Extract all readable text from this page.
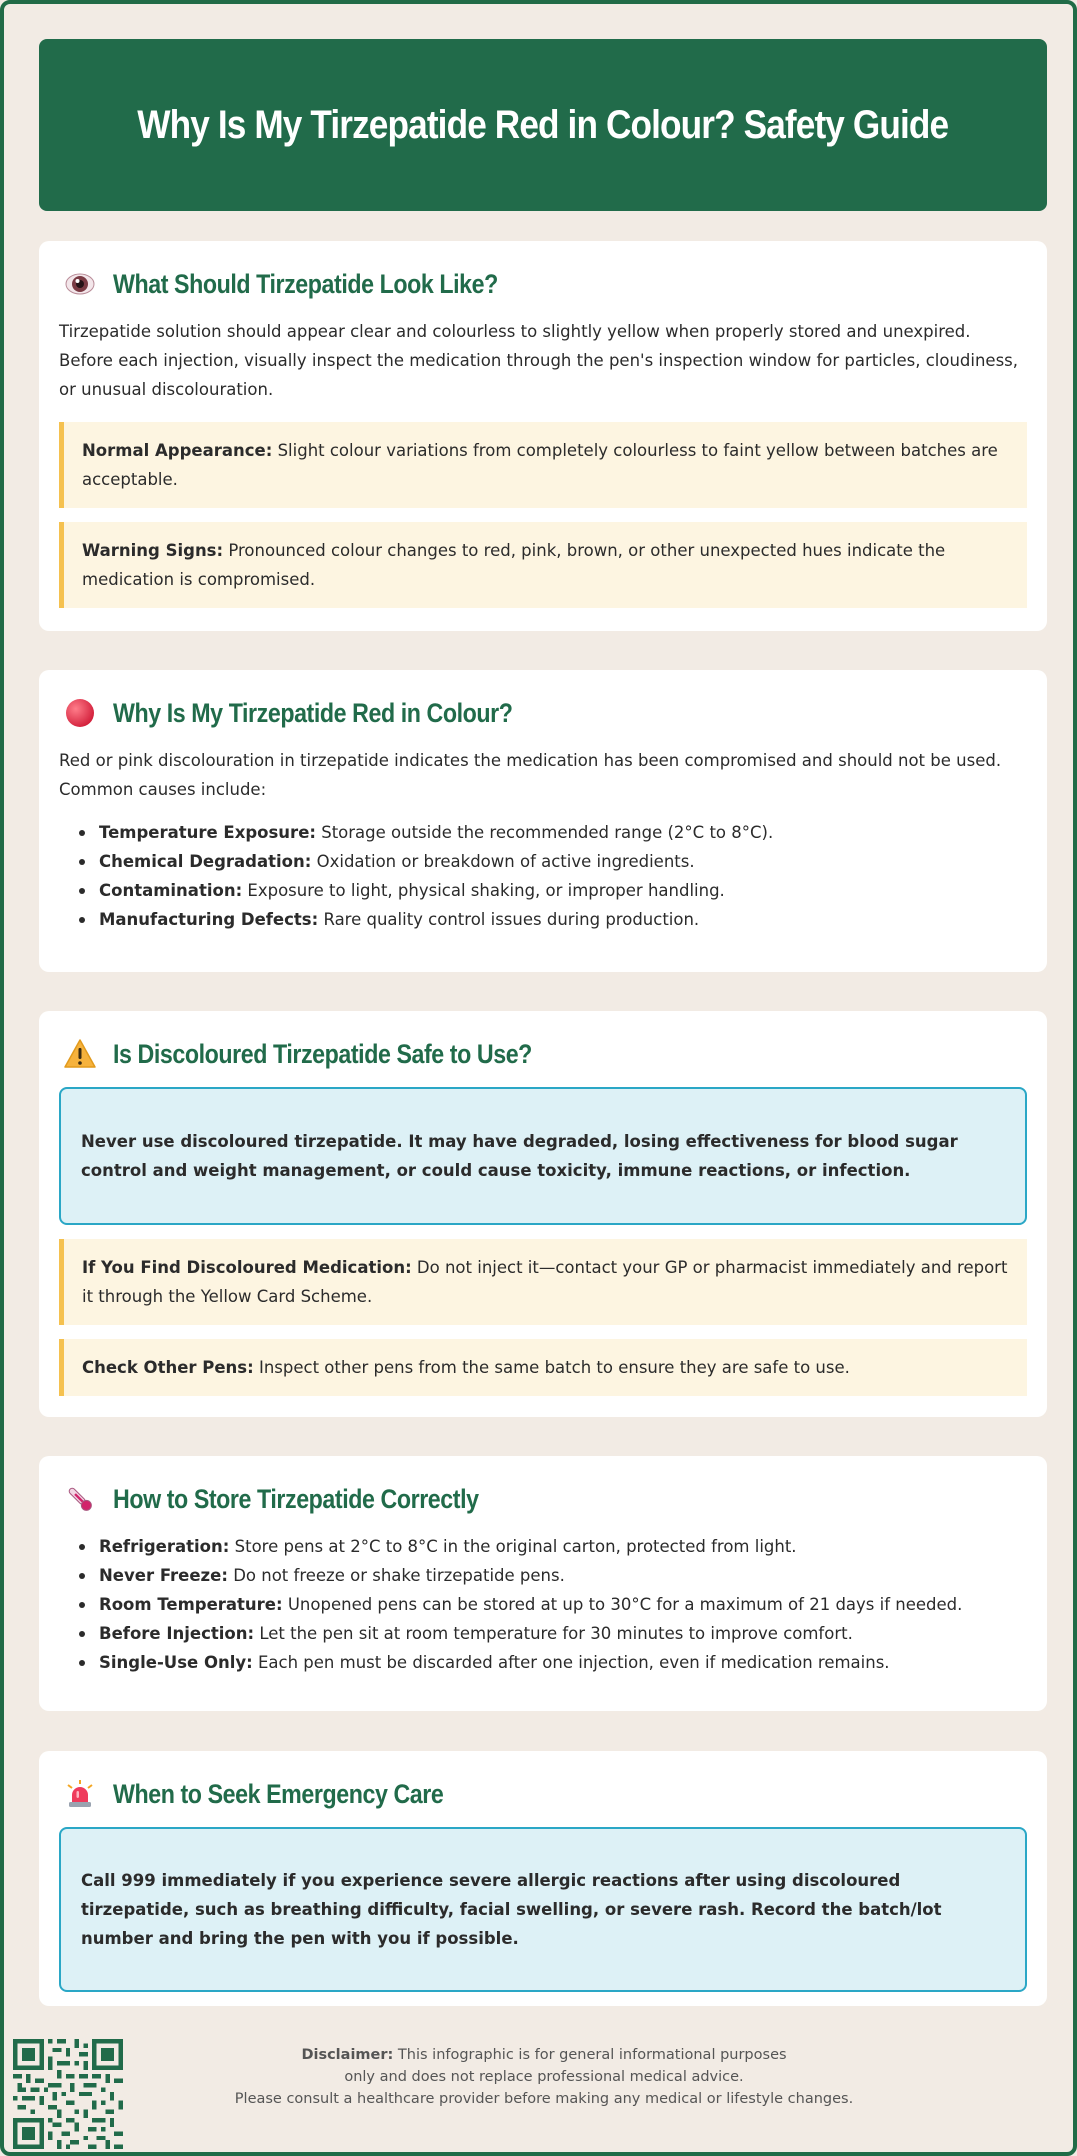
Why Is My Tirzepatide Red in Colour? Safety Guide
What Should Tirzepatide Look Like?

Tirzepatide solution should appear clear and colourless to slightly yellow when properly stored and unexpired. Before each injection, visually inspect the medication through the pen's inspection window for particles, cloudiness, or unusual discolouration.

Normal Appearance: Slight colour variations from completely colourless to faint yellow between batches are acceptable.
Warning Signs: Pronounced colour changes to red, pink, brown, or other unexpected hues indicate the medication is compromised.
Why Is My Tirzepatide Red in Colour?

Red or pink discolouration in tirzepatide indicates the medication has been compromised and should not be used. Common causes include:

Temperature Exposure: Storage outside the recommended range (2°C to 8°C).
Chemical Degradation: Oxidation or breakdown of active ingredients.
Contamination: Exposure to light, physical shaking, or improper handling.
Manufacturing Defects: Rare quality control issues during production.
Is Discoloured Tirzepatide Safe to Use?
Never use discoloured tirzepatide. It may have degraded, losing effectiveness for blood sugar control and weight management, or could cause toxicity, immune reactions, or infection.
If You Find Discoloured Medication: Do not inject it—contact your GP or pharmacist immediately and report it through the Yellow Card Scheme.
Check Other Pens: Inspect other pens from the same batch to ensure they are safe to use.
How to Store Tirzepatide Correctly
Refrigeration: Store pens at 2°C to 8°C in the original carton, protected from light.
Never Freeze: Do not freeze or shake tirzepatide pens.
Room Temperature: Unopened pens can be stored at up to 30°C for a maximum of 21 days if needed.
Before Injection: Let the pen sit at room temperature for 30 minutes to improve comfort.
Single-Use Only: Each pen must be discarded after one injection, even if medication remains.
When to Seek Emergency Care
Call 999 immediately if you experience severe allergic reactions after using discoloured tirzepatide, such as breathing difficulty, facial swelling, or severe rash. Record the batch/lot number and bring the pen with you if possible.
Disclaimer: This infographic is for general informational purposes
only and does not replace professional medical advice.
Please consult a healthcare provider before making any medical or lifestyle changes.
